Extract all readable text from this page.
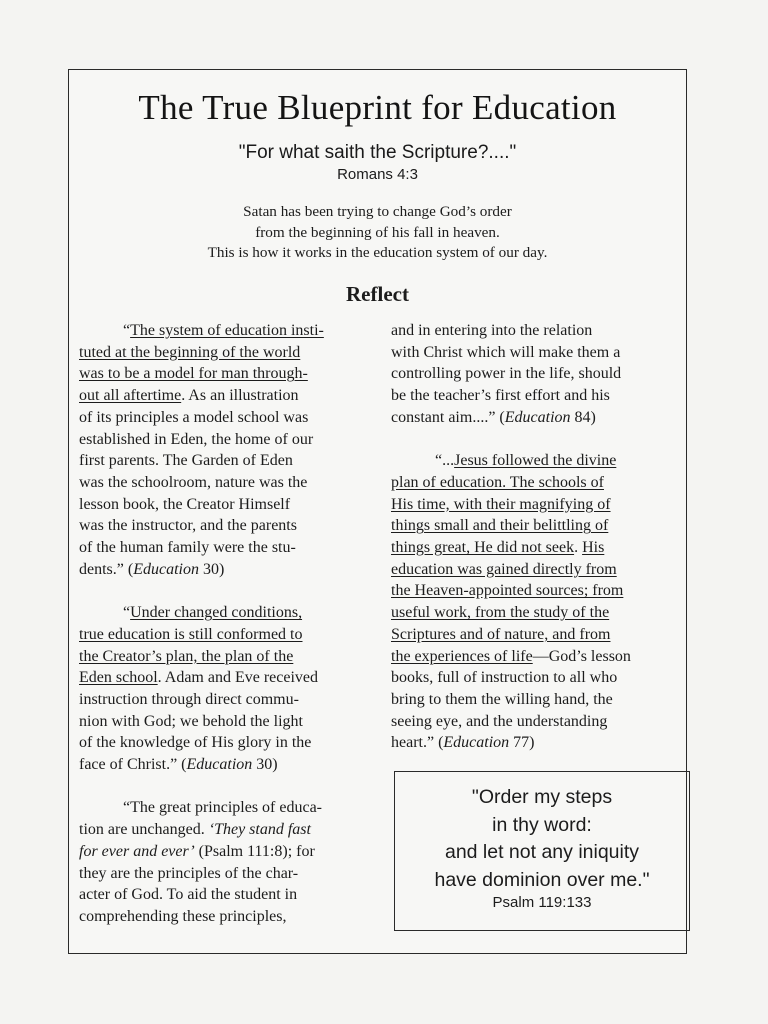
The True Blueprint for Education
"For what saith the Scripture?...."
Romans 4:3
Satan has been trying to change God’s order
from the beginning of his fall in heaven.
This is how it works in the education system of our day.
Reflect
“The system of education insti-
tuted at the beginning of the world
was to be a model for man through-
out all aftertime. As an illustration
of its principles a model school was
established in Eden, the home of our
first parents. The Garden of Eden
was the schoolroom, nature was the
lesson book, the Creator Himself
was the instructor, and the parents
of the human family were the stu-
dents.” (Education 30)
“Under changed conditions,
true education is still conformed to
the Creator’s plan, the plan of the
Eden school. Adam and Eve received
instruction through direct commu-
nion with God; we behold the light
of the knowledge of His glory in the
face of Christ.” (Education 30)
“The great principles of educa-
tion are unchanged. ‘They stand fast
for ever and ever’ (Psalm 111:8); for
they are the principles of the char-
acter of God. To aid the student in
comprehending these principles,
and in entering into the relation
with Christ which will make them a
controlling power in the life, should
be the teacher’s first effort and his
constant aim....” (Education 84)
“...Jesus followed the divine
plan of education. The schools of
His time, with their magnifying of
things small and their belittling of
things great, He did not seek. His
education was gained directly from
the Heaven-appointed sources; from
useful work, from the study of the
Scriptures and of nature, and from
the experiences of life—God’s lesson
books, full of instruction to all who
bring to them the willing hand, the
seeing eye, and the understanding
heart.” (Education 77)
"Order my steps
in thy word:
and let not any iniquity
have dominion over me."
Psalm 119:133
